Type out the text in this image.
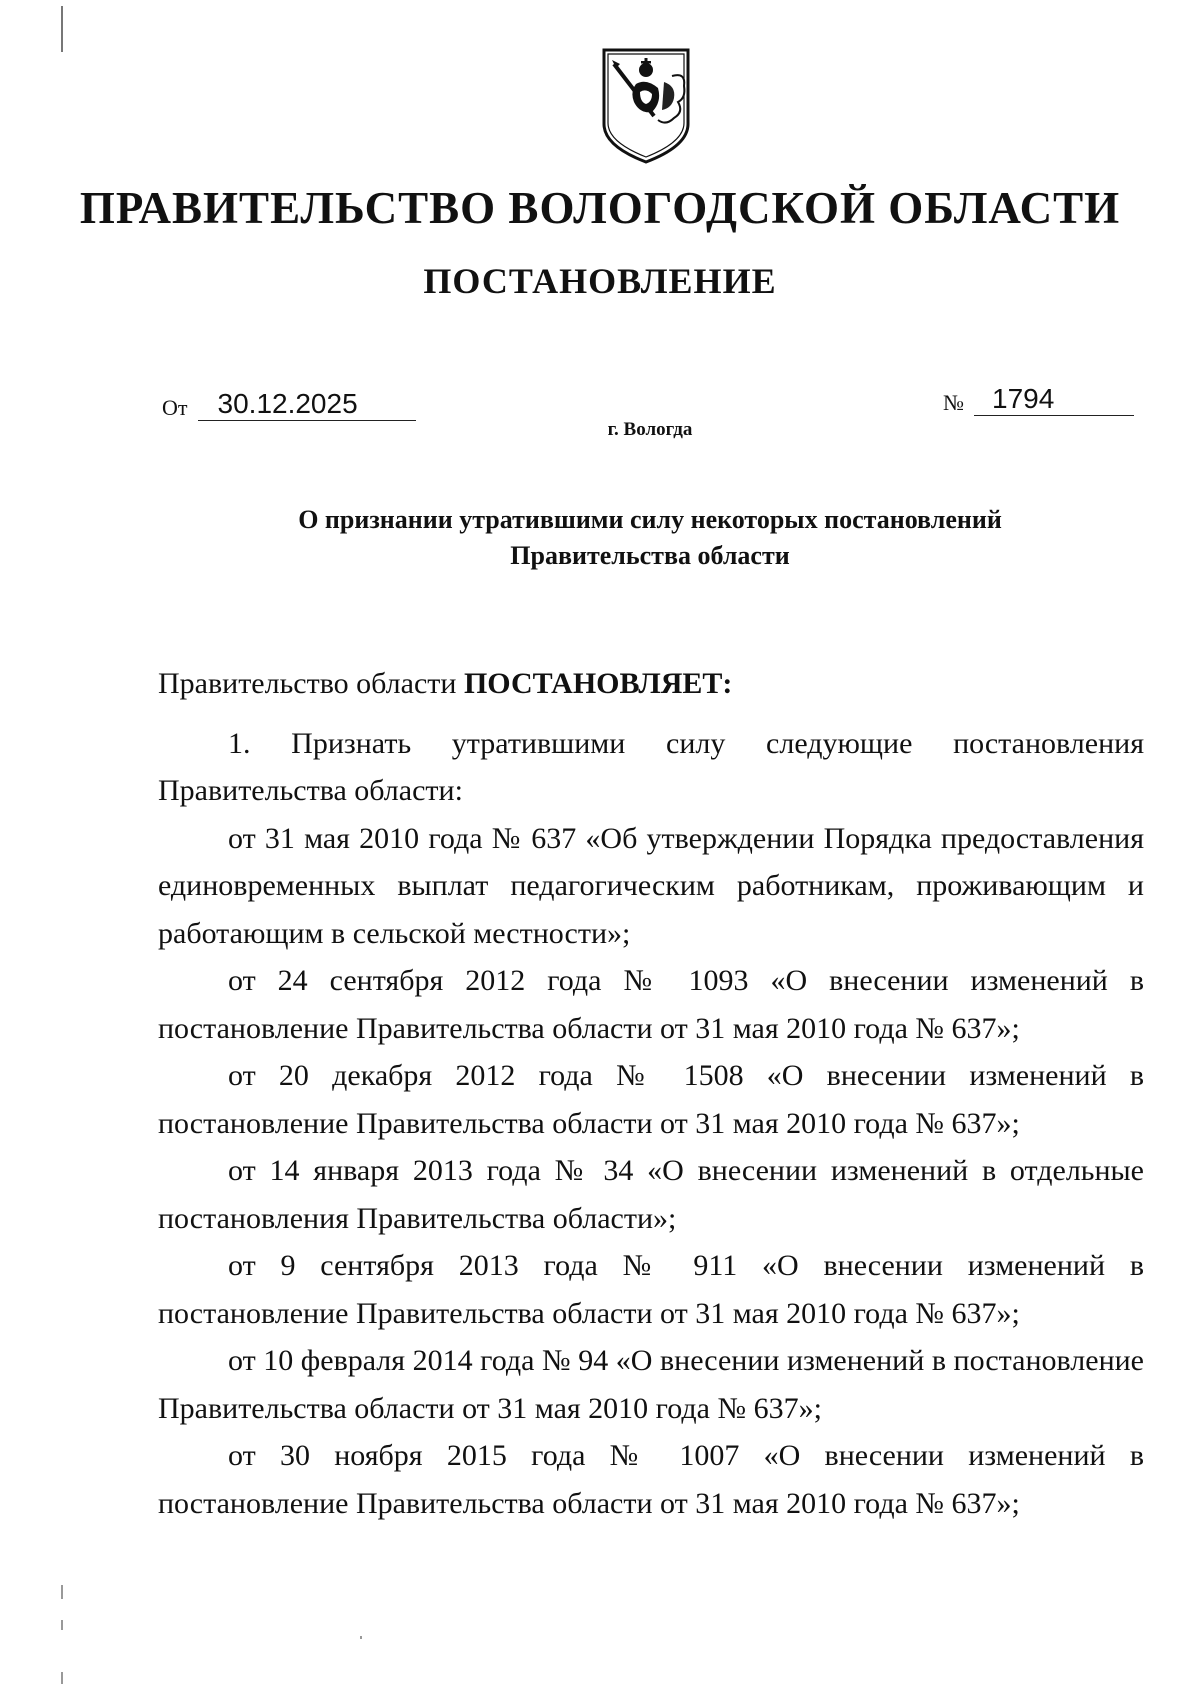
ПРАВИТЕЛЬСТВО ВОЛОГОДСКОЙ ОБЛАСТИ
ПОСТАНОВЛЕНИЕ
От 30.12.2025	№ 1794
г. Вологда
О признании утратившими силу некоторых постановлений
Правительства области

Правительство области ПОСТАНОВЛЯЕТ:

1. Признать утратившими силу следующие постановления Правительства области:

от 31 мая 2010 года № 637 «Об утверждении Порядка предоставления единовременных выплат педагогическим работникам, проживающим и работающим в сельской местности»;

от 24 сентября 2012 года № 1093 «О внесении изменений в постановление Правительства области от 31 мая 2010 года № 637»;

от 20 декабря 2012 года № 1508 «О внесении изменений в постановление Правительства области от 31 мая 2010 года № 637»;

от 14 января 2013 года № 34 «О внесении изменений в отдельные постановления Правительства области»;

от 9 сентября 2013 года № 911 «О внесении изменений в постановление Правительства области от 31 мая 2010 года № 637»;

от 10 февраля 2014 года № 94 «О внесении изменений в постановление Правительства области от 31 мая 2010 года № 637»;

от 30 ноября 2015 года № 1007 «О внесении изменений в постановление Правительства области от 31 мая 2010 года № 637»;
